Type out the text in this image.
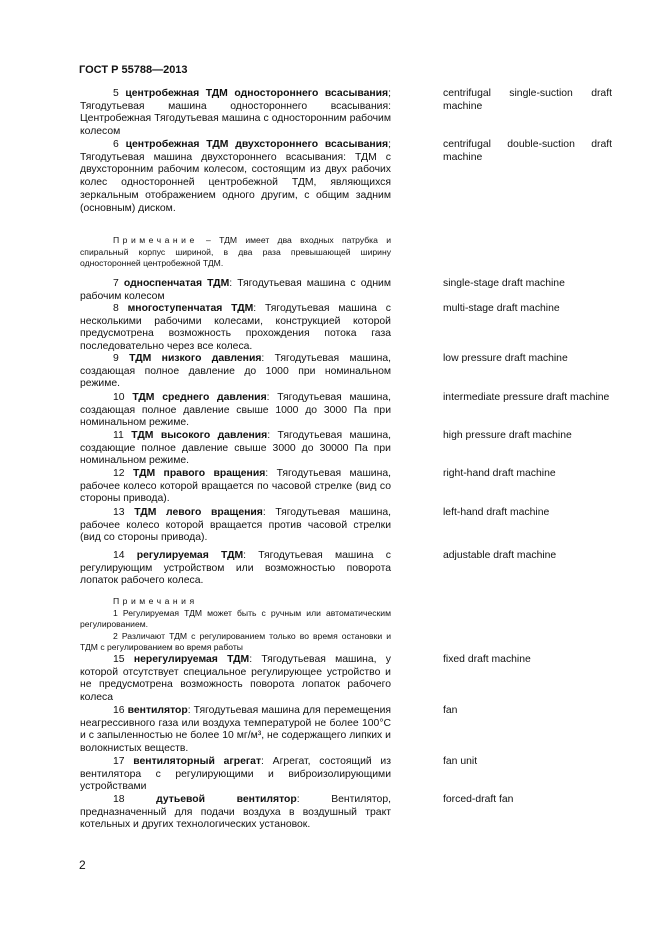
ГОСТ Р 55788—2013

5 центробежная ТДМ одностороннего всасывания; Тягодутьевая машина одностороннего всасывания: Центробежная Тягодутьевая машина с односторонним рабочим колесом

centrifugal single-suction draft machine

6 центробежная ТДМ двухстороннего всасывания; Тягодутьевая машина двухстороннего всасывания: ТДМ с двухсторонним рабочим колесом, состоящим из двух рабочих колес односторонней центробежной ТДМ, являющихся зеркальным отображением одного другим, с общим задним (основным) диском.

centrifugal double-suction draft machine

Примечание – ТДМ имеет два входных патрубка и спиральный корпус шириной, в два раза превышающей ширину односторонней центробежной ТДМ.

7 односпенчатая ТДМ: Тягодутьевая машина с одним рабочим колесом

single-stage draft machine

8 многоступенчатая ТДМ: Тягодутьевая машина с несколькими рабочими колесами, конструкцией которой предусмотрена возможность прохождения потока газа последовательно через все колеса.

multi-stage draft machine

9 ТДМ низкого давления: Тягодутьевая машина, создающая полное давление до 1000 при номинальном режиме.

low pressure draft machine

10 ТДМ среднего давления: Тягодутьевая машина, создающая полное давление свыше 1000 до 3000 Па при номинальном режиме.

intermediate pressure draft machine

11 ТДМ высокого давления: Тягодутьевая машина, создающие полное давление свыше 3000 до 30000 Па при номинальном режиме.

high pressure draft machine

12 ТДМ правого вращения: Тягодутьевая машина, рабочее колесо которой вращается по часовой стрелке (вид со стороны привода).

right-hand draft machine

13 ТДМ левого вращения: Тягодутьевая машина, рабочее колесо которой вращается против часовой стрелки (вид со стороны привода).

left-hand draft machine

14 регулируемая ТДМ: Тягодутьевая машина с регулирующим устройством или возможностью поворота лопаток рабочего колеса.

adjustable draft machine

Примечания

1 Регулируемая ТДМ может быть с ручным или автоматическим регулированием.

2 Различают ТДМ с регулированием только во время остановки и ТДМ с регулированием во время работы

15 нерегулируемая ТДМ: Тягодутьевая машина, у которой отсутствует специальное регулирующее устройство и не предусмотрена возможность поворота лопаток рабочего колеса

fixed draft machine

16 вентилятор: Тягодутьевая машина для перемещения неагрессивного газа или воздуха температурой не более 100°C и с запыленностью не более 10 мг/м³, не содержащего липких и волокнистых веществ.

fan

17 вентиляторный агрегат: Агрегат, состоящий из вентилятора с регулирующими и виброизолирующими устройствами

fan unit

18	дутьевой вентилятор: Вентилятор, предназначенный для подачи воздуха в воздушный тракт котельных и других технологических установок.

forced-draft fan
2
